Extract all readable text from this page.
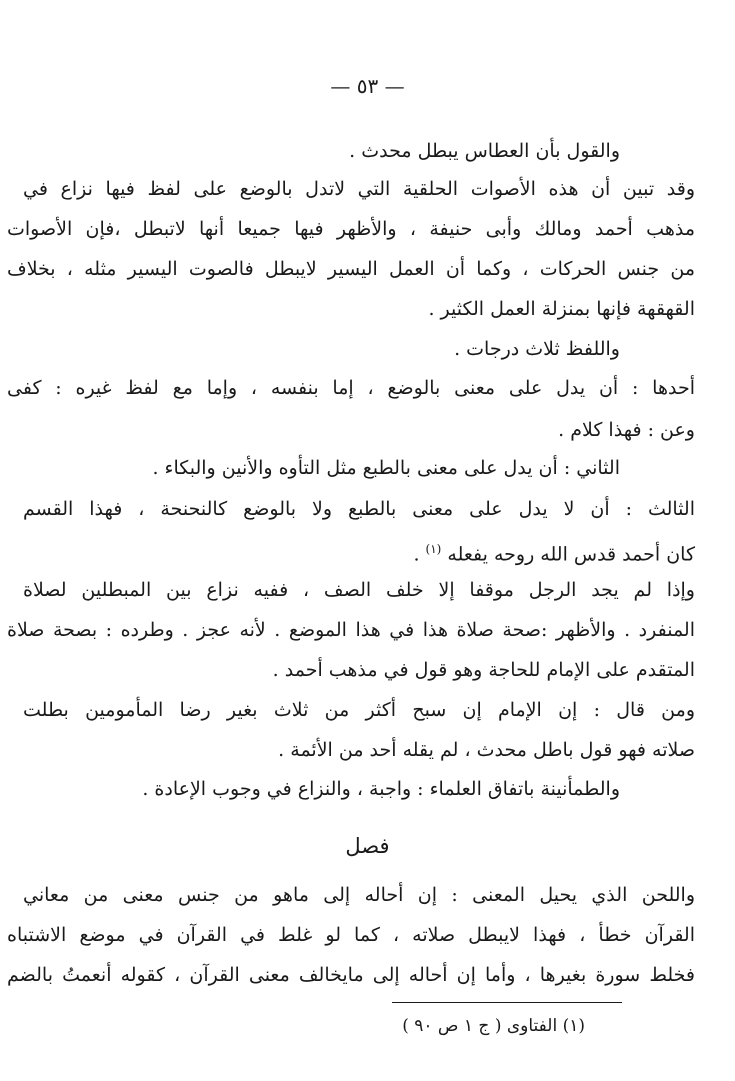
— ٥٣ —
والقول بأن العطاس يبطل محدث .
وقد تبين أن هذه الأصوات الحلقية التي لاتدل بالوضع على لفظ فيها نزاع في
مذهب أحمد ومالك وأبى حنيفة ، والأظهر فيها جميعا أنها لاتبطل ،فإن الأصوات
من جنس الحركات ، وكما أن العمل اليسير لايبطل فالصوت اليسير مثله ، بخلاف
القهقهة فإنها بمنزلة العمل الكثير .
واللفظ ثلاث درجات .
أحدها : أن يدل على معنى بالوضع ، إما بنفسه ، وإما مع لفظ غيره : كفى
وعن : فهذا كلام .
الثاني : أن يدل على معنى بالطبع مثل التأوه والأنين والبكاء .
الثالث : أن لا يدل على معنى بالطبع ولا بالوضع كالنحنحة ، فهذا القسم
كان أحمد قدس الله روحه يفعله $^{(١)}$ .
وإذا لم يجد الرجل موقفا إلا خلف الصف ، ففيه نزاع بين المبطلين لصلاة
المنفرد . والأظهر :صحة صلاة هذا في هذا الموضع . لأنه عجز . وطرده : بصحة صلاة
المتقدم على الإمام للحاجة وهو قول في مذهب أحمد .
ومن قال : إن الإمام إن سبح أكثر من ثلاث بغير رضا المأمومين بطلت
صلاته فهو قول باطل محدث ، لم يقله أحد من الأئمة .
والطمأنينة باتفاق العلماء : واجبة ، والنزاع في وجوب الإعادة .
فصل
واللحن الذي يحيل المعنى : إن أحاله إلى ماهو من جنس معنى من معاني
القرآن خطأ ، فهذا لايبطل صلاته ، كما لو غلط في القرآن في موضع الاشتباه
فخلط سورة بغيرها ، وأما إن أحاله إلى مايخالف معنى القرآن ، كقوله أنعمتُ بالضم
(١) الفتاوى ( ج ١ ص ٩٠ )
